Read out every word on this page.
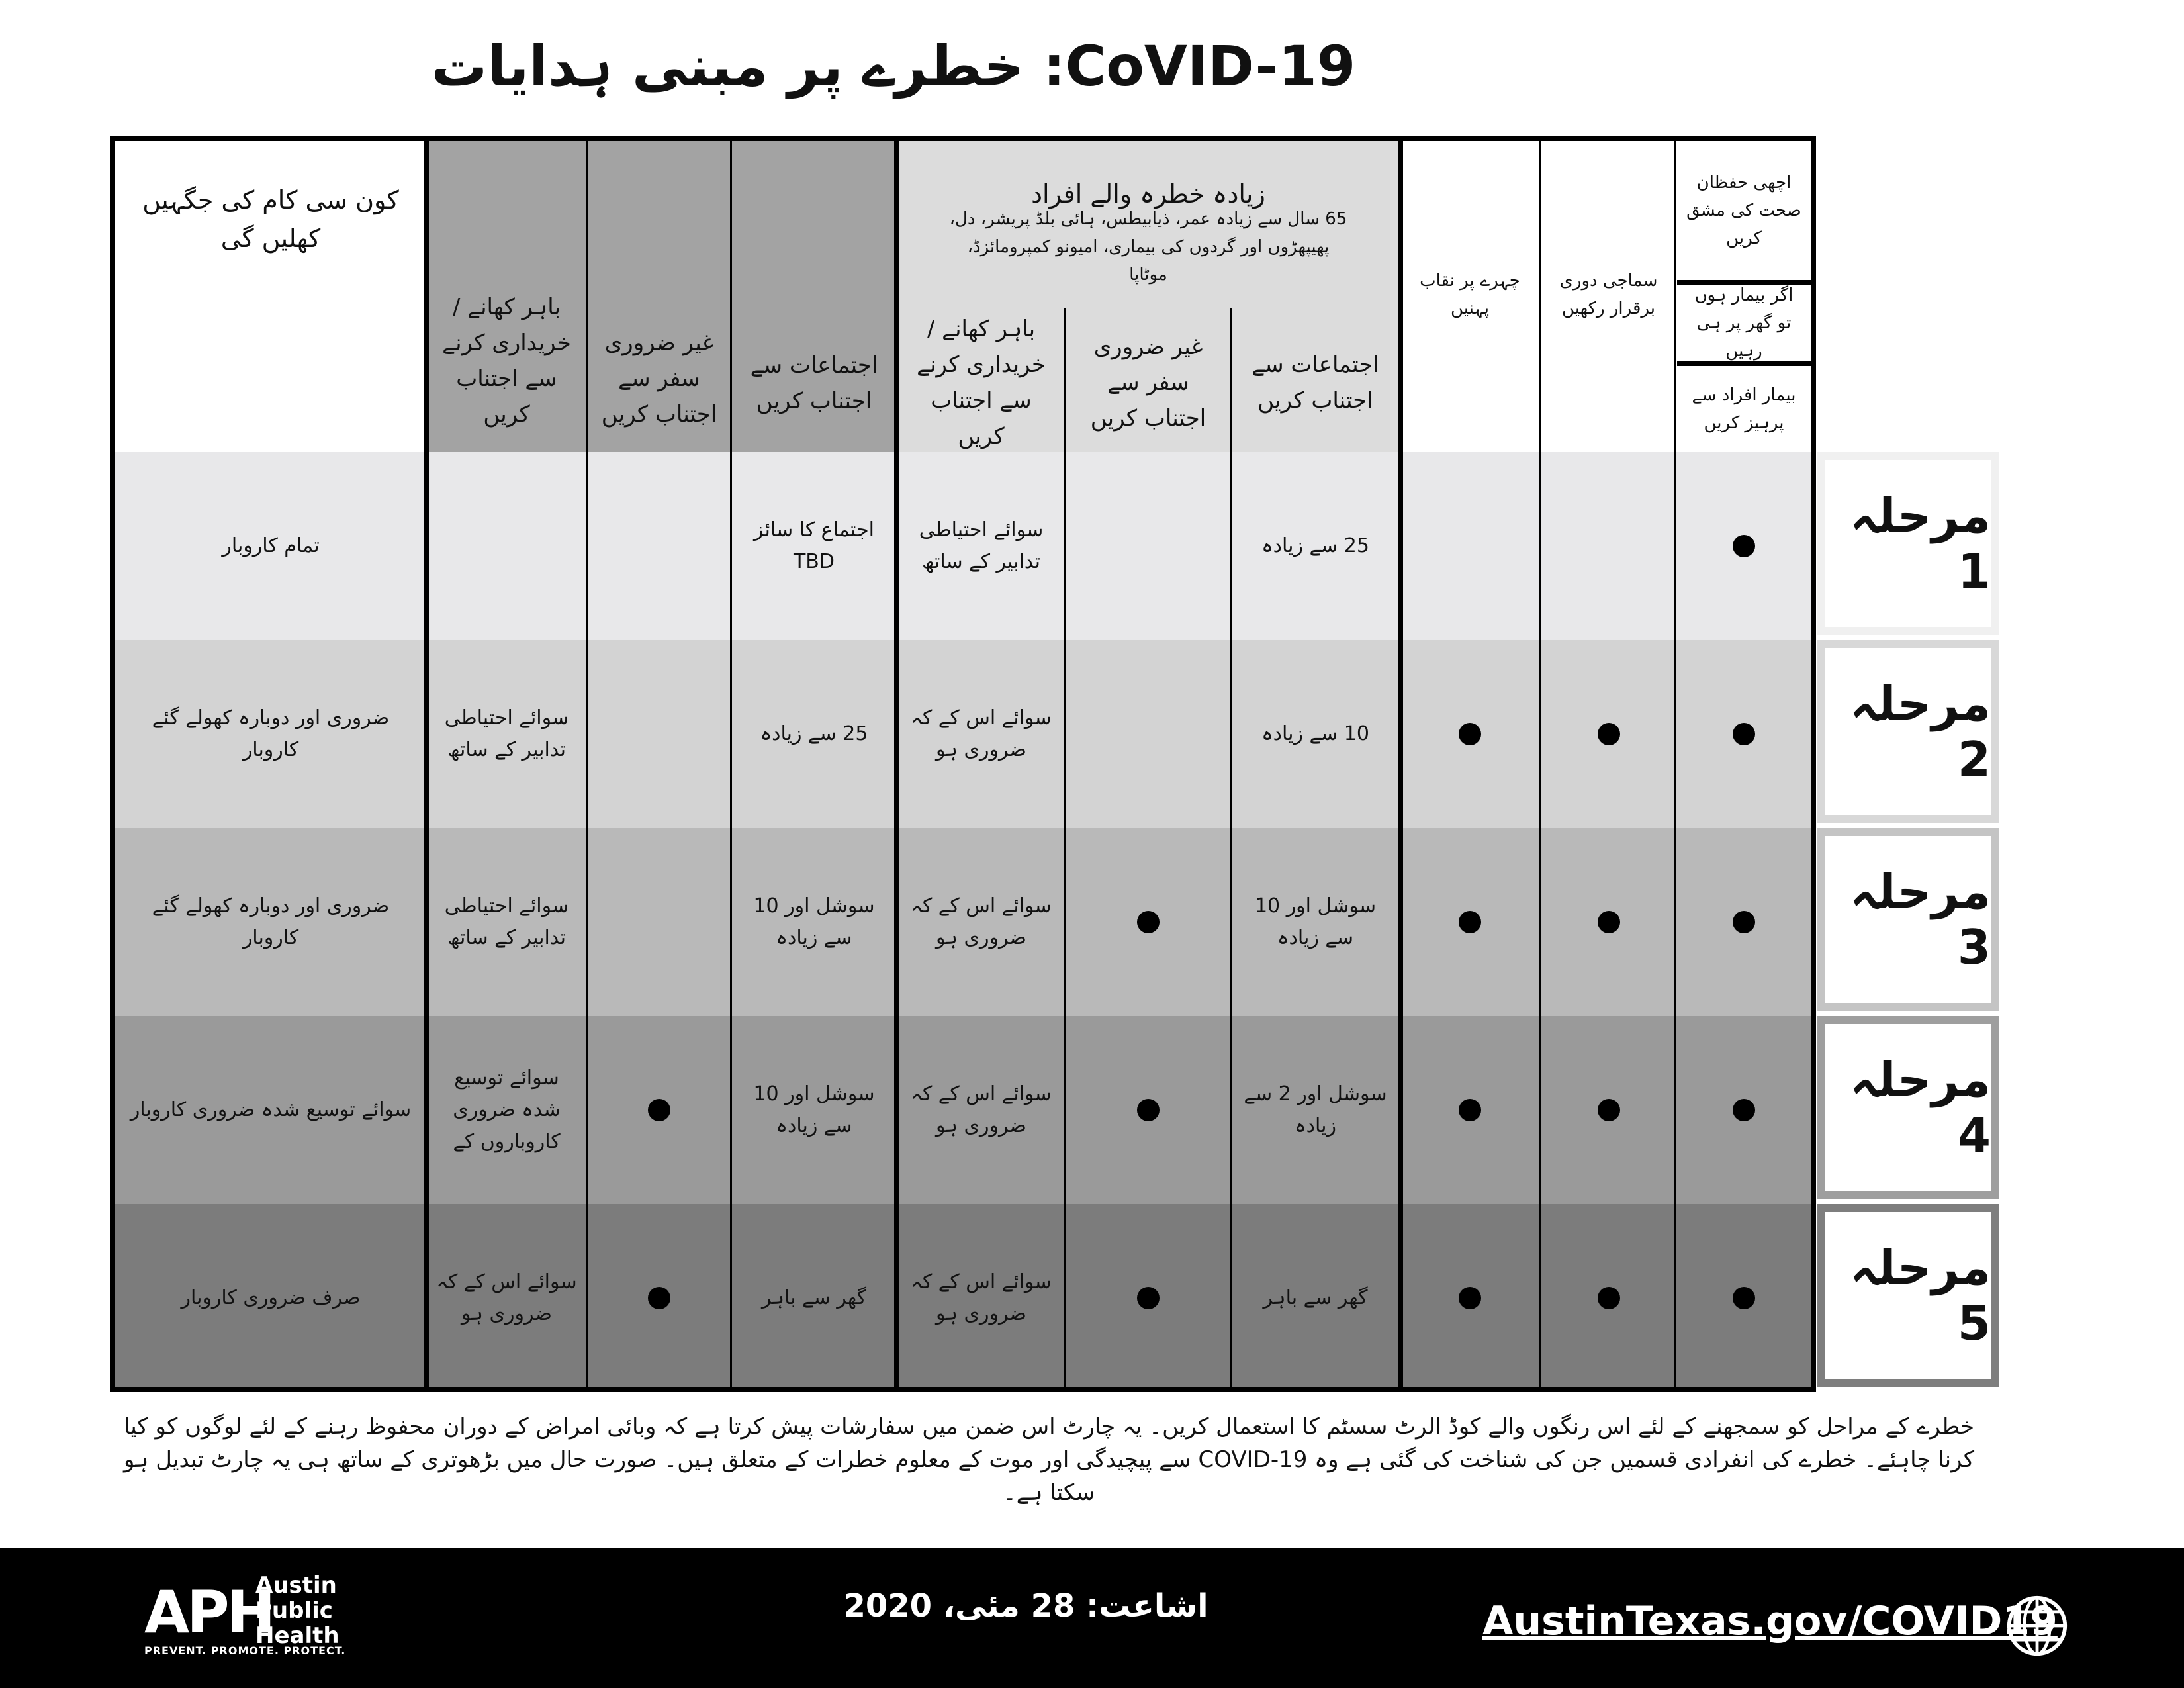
CoVID-19: خطرے پر مبنی ہدایات
کون سی کام کی جگہیں کھلیں گی
باہر کھانے / خریداری کرنے سے اجتناب کریں
غیر ضروری سفر سے اجتناب کریں
اجتماعات سے اجتناب کریں
زیادہ خطرہ والے افراد
65 سال سے زیادہ عمر، ذیابیطس، ہائی بلڈ پریشر، دل، پھیپھڑوں اور گردوں کی بیماری، امیونو کمپرومائزڈ، موٹاپا
باہر کھانے / خریداری کرنے سے اجتناب کریں
غیر ضروری سفر سے اجتناب کریں
اجتماعات سے اجتناب کریں
چہرے پر نقاب پہنیں
سماجی دوری برقرار رکھیں
اچھی حفظان صحت کی مشق کریں
اگر بیمار ہوں تو گھر پر ہی رہیں
بیمار افراد سے پرہیز کریں
تمام کاروبار
اجتماع کا سائز TBD
سوائے احتیاطی تدابیر کے ساتھ
25 سے زیادہ
ضروری اور دوبارہ کھولے گئے کاروبار
سوائے احتیاطی تدابیر کے ساتھ
25 سے زیادہ
سوائے اس کے کہ ضروری ہو
10 سے زیادہ
ضروری اور دوبارہ کھولے گئے کاروبار
سوائے احتیاطی تدابیر کے ساتھ
سوشل اور 10 سے زیادہ
سوائے اس کے کہ ضروری ہو
سوشل اور 10 سے زیادہ
سوائے توسیع شدہ ضروری کاروبار
سوائے توسیع شدہ ضروری کاروباروں کے
سوشل اور 10 سے زیادہ
سوائے اس کے کہ ضروری ہو
سوشل اور 2 سے زیادہ
صرف ضروری کاروبار
سوائے اس کے کہ ضروری ہو
گھر سے باہر
سوائے اس کے کہ ضروری ہو
گھر سے باہر
مرحلہ 1
مرحلہ 2
مرحلہ 3
مرحلہ 4
مرحلہ 5
خطرے کے مراحل کو سمجھنے کے لئے اس رنگوں والے کوڈ الرٹ سسٹم کا استعمال کریں۔ یہ چارٹ اس ضمن میں سفارشات پیش کرتا ہے کہ وبائی امراض کے دوران محفوظ رہنے کے لئے لوگوں کو کیا کرنا چاہئے۔ خطرے کی انفرادی قسمیں جن کی شناخت کی گئی ہے وہ COVID-19 سے پیچیدگی اور موت کے معلوم خطرات کے متعلق ہیں۔ صورت حال میں بڑھوتری کے ساتھ ہی یہ چارٹ تبدیل ہو سکتا ہے۔
APH
Austin
Public
Health
PREVENT. PROMOTE. PROTECT.
اشاعت: 28 مئی، 2020	AustinTexas.gov/COVID19
